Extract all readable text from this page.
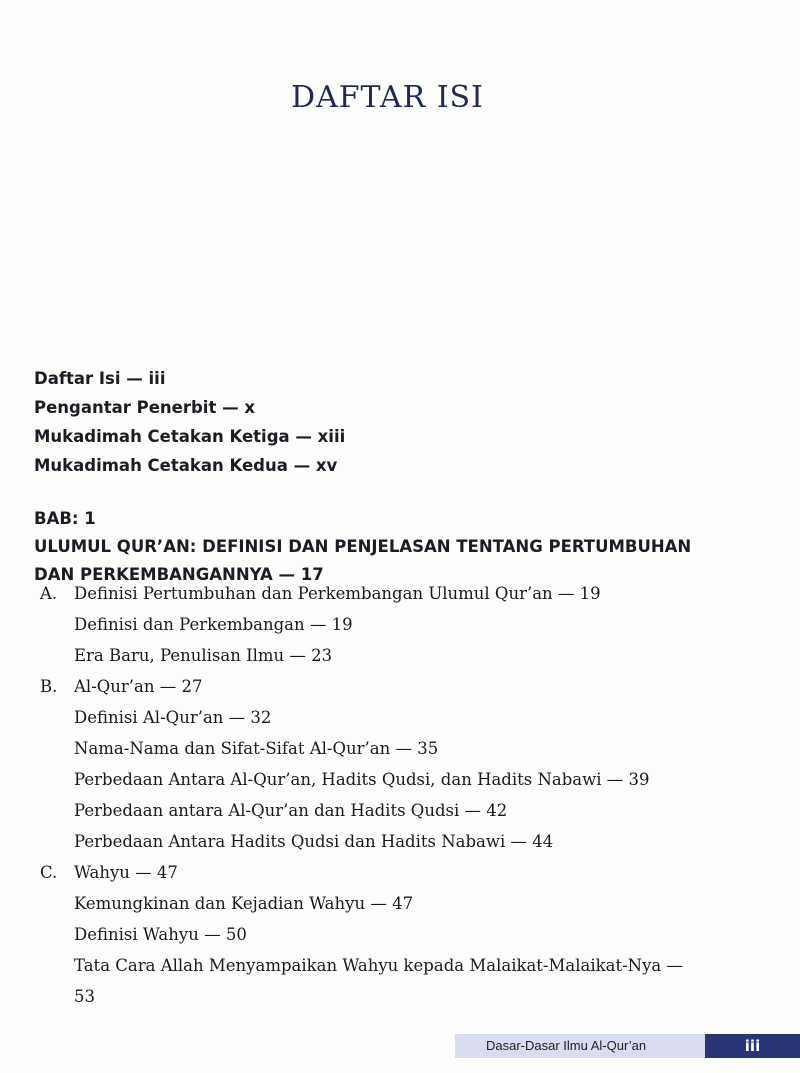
DAFTAR ISI
Daftar Isi — iii
Pengantar Penerbit — x
Mukadimah Cetakan Ketiga — xiii
Mukadimah Cetakan Kedua — xv
BAB: 1
ULUMUL QUR’AN: DEFINISI DAN PENJELASAN TENTANG PERTUMBUHAN
DAN PERKEMBANGANNYA — 17
A.	Definisi Pertumbuhan dan Perkembangan Ulumul Qur’an — 19
Definisi dan Perkembangan — 19
Era Baru, Penulisan Ilmu — 23
B.	Al-Qur’an — 27
Definisi Al-Qur’an — 32
Nama-Nama dan Sifat-Sifat Al-Qur’an — 35
Perbedaan Antara Al-Qur’an, Hadits Qudsi, dan Hadits Nabawi — 39
Perbedaan antara Al-Qur’an dan Hadits Qudsi — 42
Perbedaan Antara Hadits Qudsi dan Hadits Nabawi — 44
C.	Wahyu — 47
Kemungkinan dan Kejadian Wahyu — 47
Definisi Wahyu — 50
Tata Cara Allah Menyampaikan Wahyu kepada Malaikat-Malaikat-Nya —
53
Dasar-Dasar Ilmu Al-Qur’an	iii
